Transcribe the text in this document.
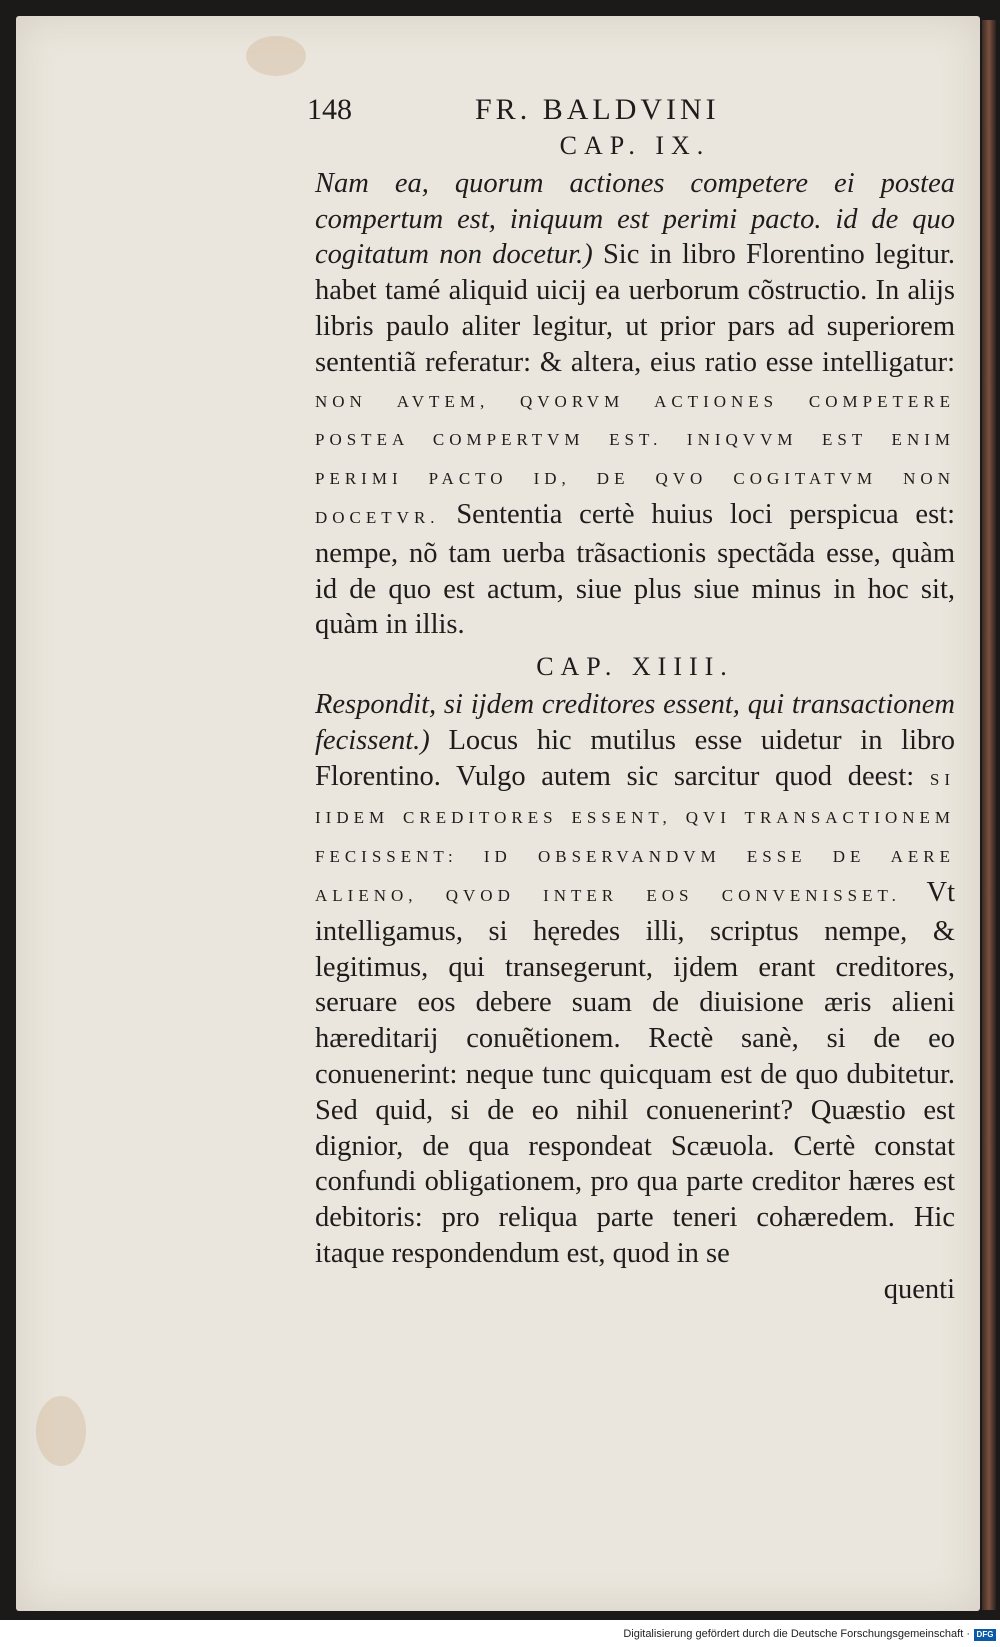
148	FR. BALDVINI
CAP. IX.
Nam ea, quorum actiones competere ei postea compertum est, iniquum est perimi pacto. id de quo cogitatum non docetur.) Sic in libro Florentino legitur. habet tamé aliquid uicij ea uerborum cõstructio. In alijs libris paulo aliter legitur, ut prior pars ad superiorem sententiã referatur: & altera, eius ratio esse intelligatur: NON AVTEM, QVORVM ACTIONES COMPETERE POSTEA COMPERTVM EST. INIQVVM EST ENIM PERIMI PACTO ID, DE QVO COGITATVM NON DOCETVR. Sententia certè huius loci perspicua est: nempe, nõ tam uerba trãsactionis spectãda esse, quàm id de quo est actum, siue plus siue minus in hoc sit, quàm in illis.
CAP. XIIII.
Respondit, si ijdem creditores essent, qui transactionem fecissent.) Locus hic mutilus esse uidetur in libro Florentino. Vulgo autem sic sarcitur quod deest: SI IIDEM CREDITORES ESSENT, QVI TRANSACTIONEM FECISSENT: ID OBSERVANDVM ESSE DE AERE ALIENO, QVOD INTER EOS CONVENISSET. Vt intelligamus, si hęredes illi, scriptus nempe, & legitimus, qui transegerunt, ijdem erant creditores, seruare eos debere suam de diuisione æris alieni hæreditarij conuẽtionem. Rectè sanè, si de eo conuenerint: neque tunc quicquam est de quo dubitetur. Sed quid, si de eo nihil conuenerint? Quæstio est dignior, de qua respondeat Scæuola. Certè constat confundi obligationem, pro qua parte creditor hæres est debitoris: pro reliqua parte teneri cohæredem. Hic itaque respondendum est, quod in se
quenti
Digitalisierung gefördert durch die Deutsche Forschungsgemeinschaft · DFG
